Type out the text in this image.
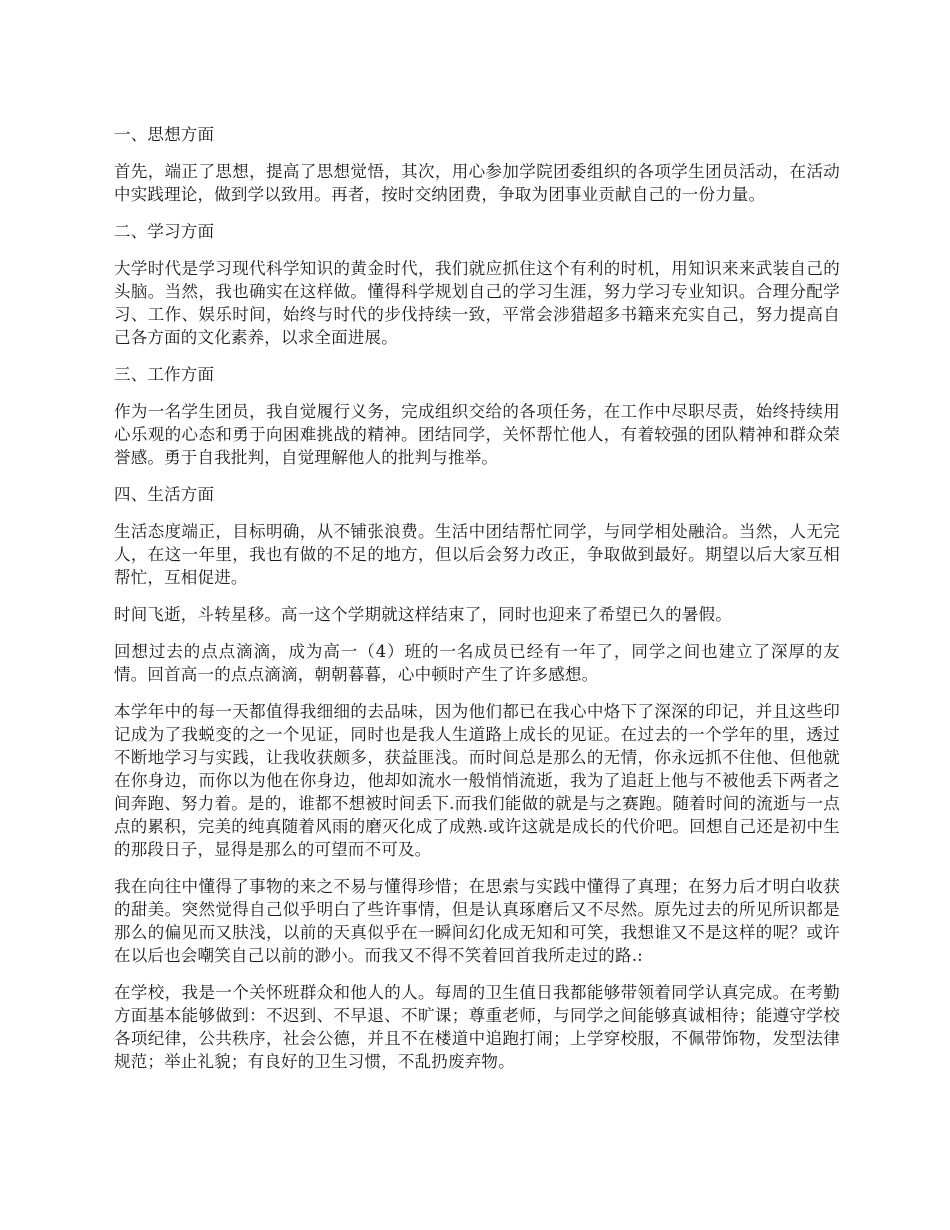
一、思想方面

首先，端正了思想，提高了思想觉悟，其次，用心参加学院团委组织的各项学生团员活动，在活动中实践理论，做到学以致用。再者，按时交纳团费，争取为团事业贡献自己的一份力量。

二、学习方面

大学时代是学习现代科学知识的黄金时代，我们就应抓住这个有利的时机，用知识来来武装自己的头脑。当然，我也确实在这样做。懂得科学规划自己的学习生涯，努力学习专业知识。合理分配学习、工作、娱乐时间，始终与时代的步伐持续一致，平常会涉猎超多书籍来充实自己，努力提高自己各方面的文化素养，以求全面进展。

三、工作方面

作为一名学生团员，我自觉履行义务，完成组织交给的各项任务，在工作中尽职尽责，始终持续用心乐观的心态和勇于向困难挑战的精神。团结同学，关怀帮忙他人，有着较强的团队精神和群众荣誉感。勇于自我批判，自觉理解他人的批判与推举。

四、生活方面

生活态度端正，目标明确，从不铺张浪费。生活中团结帮忙同学，与同学相处融洽。当然，人无完人，在这一年里，我也有做的不足的地方，但以后会努力改正，争取做到最好。期望以后大家互相帮忙，互相促进。

时间飞逝，斗转星移。高一这个学期就这样结束了，同时也迎来了希望已久的暑假。

回想过去的点点滴滴，成为高一（4）班的一名成员已经有一年了，同学之间也建立了深厚的友情。回首高一的点点滴滴，朝朝暮暮，心中顿时产生了许多感想。

本学年中的每一天都值得我细细的去品味，因为他们都已在我心中烙下了深深的印记，并且这些印记成为了我蜕变的之一个见证，同时也是我人生道路上成长的见证。在过去的一个学年的里，透过不断地学习与实践，让我收获颇多，获益匪浅。而时间总是那么的无情，你永远抓不住他、但他就在你身边，而你以为他在你身边，他却如流水一般悄悄流逝，我为了追赶上他与不被他丢下两者之间奔跑、努力着。是的，谁都不想被时间丢下.而我们能做的就是与之赛跑。随着时间的流逝与一点点的累积，完美的纯真随着风雨的磨灭化成了成熟.或许这就是成长的代价吧。回想自己还是初中生的那段日子，显得是那么的可望而不可及。

我在向往中懂得了事物的来之不易与懂得珍惜；在思索与实践中懂得了真理；在努力后才明白收获的甜美。突然觉得自己似乎明白了些许事情，但是认真琢磨后又不尽然。原先过去的所见所识都是那么的偏见而又肤浅，以前的天真似乎在一瞬间幻化成无知和可笑，我想谁又不是这样的呢？或许在以后也会嘲笑自己以前的渺小。而我又不得不笑着回首我所走过的路.:

在学校，我是一个关怀班群众和他人的人。每周的卫生值日我都能够带领着同学认真完成。在考勤方面基本能够做到：不迟到、不早退、不旷课；尊重老师，与同学之间能够真诚相待；能遵守学校各项纪律，公共秩序，社会公德，并且不在楼道中追跑打闹；上学穿校服，不佩带饰物，发型法律规范；举止礼貌；有良好的卫生习惯，不乱扔废弃物。
